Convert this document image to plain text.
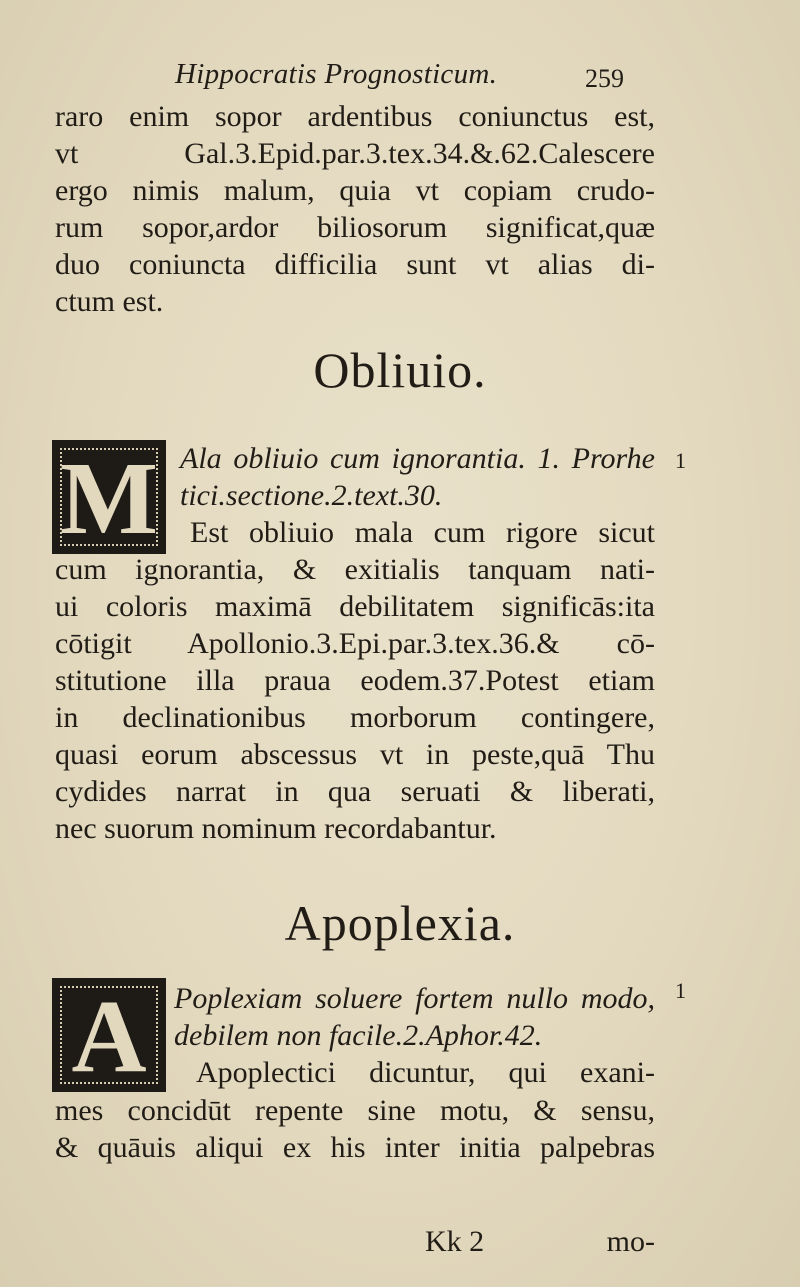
Hippocratis Prognosticum.	259
raro enim sopor ardentibus coniunctus est,
vt Gal.3.Epid.par.3.tex.34.&.62.Calescere
ergo nimis malum, quia vt copiam crudo-
rum sopor,ardor biliosorum significat,quæ
duo coniuncta difficilia sunt vt alias di-
ctum est.
Obliuio.
M	1
Ala obliuio cum ignorantia. 1. Prorhe
tici.sectione.2.text.30.
Est obliuio mala cum rigore sicut
cum ignorantia, & exitialis tanquam nati-
ui coloris maximā debilitatem significās:ita
cōtigit Apollonio.3.Epi.par.3.tex.36.& cō-
stitutione illa praua eodem.37.Potest etiam
in declinationibus morborum contingere,
quasi eorum abscessus vt in peste,quā Thu
cydides narrat in qua seruati & liberati,
nec suorum nominum recordabantur.
Apoplexia.
A	1
Poplexiam soluere fortem nullo modo,
debilem non facile.2.Aphor.42.
Apoplectici dicuntur, qui exani-
mes concidūt repente sine motu, & sensu,
& quāuis aliqui ex his inter initia palpebras
Kk 2	mo-
